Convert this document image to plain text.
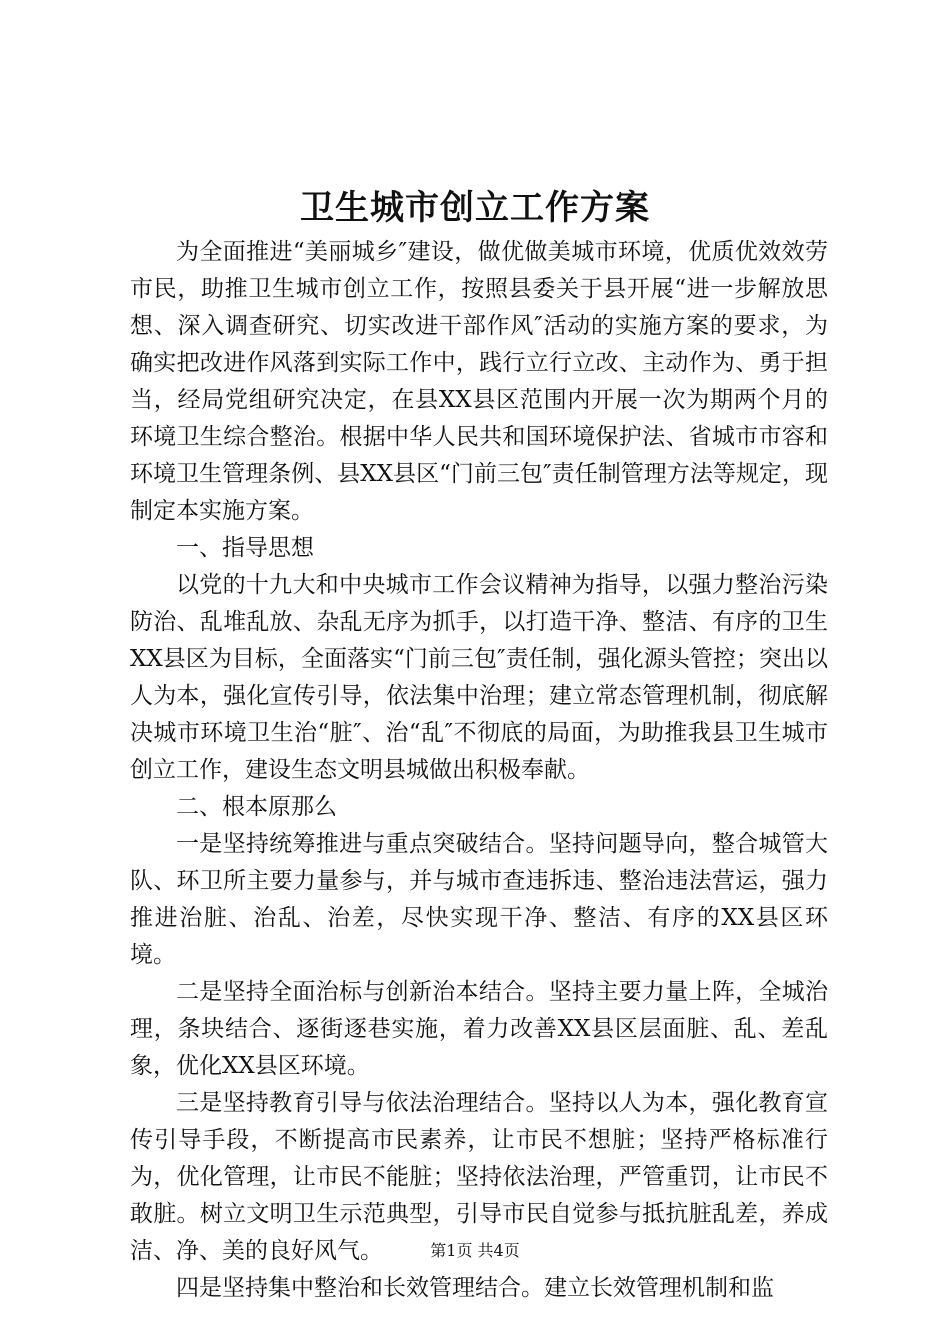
卫生城市创立工作方案

为全面推进“美丽城乡″建设，做优做美城市环境，优质优效效劳市民，助推卫生城市创立工作，按照县委关于县开展“进一步解放思想、深入调查研究、切实改进干部作风″活动的实施方案的要求，为确实把改进作风落到实际工作中，践行立行立改、主动作为、勇于担当，经局党组研究决定，在县XX县区范围内开展一次为期两个月的环境卫生综合整治。根据中华人民共和国环境保护法、省城市市容和环境卫生管理条例、县XX县区“门前三包″责任制管理方法等规定，现制定本实施方案。

一、指导思想

以党的十九大和中央城市工作会议精神为指导，以强力整治污染防治、乱堆乱放、杂乱无序为抓手，以打造干净、整洁、有序的卫生XX县区为目标，全面落实“门前三包″责任制，强化源头管控；突出以人为本，强化宣传引导，依法集中治理；建立常态管理机制，彻底解决城市环境卫生治“脏″、治“乱″不彻底的局面，为助推我县卫生城市创立工作，建设生态文明县城做出积极奉献。

二、根本原那么

一是坚持统筹推进与重点突破结合。坚持问题导向，整合城管大队、环卫所主要力量参与，并与城市查违拆违、整治违法营运，强力推进治脏、治乱、治差，尽快实现干净、整洁、有序的XX县区环境。

二是坚持全面治标与创新治本结合。坚持主要力量上阵，全城治理，条块结合、逐街逐巷实施，着力改善XX县区层面脏、乱、差乱象，优化XX县区环境。

三是坚持教育引导与依法治理结合。坚持以人为本，强化教育宣传引导手段，不断提高市民素养，让市民不想脏；坚持严格标准行为，优化管理，让市民不能脏；坚持依法治理，严管重罚，让市民不敢脏。树立文明卫生示范典型，引导市民自觉参与抵抗脏乱差，养成洁、净、美的良好风气。

四是坚持集中整治和长效管理结合。建立长效管理机制和监

第1页 共4页
